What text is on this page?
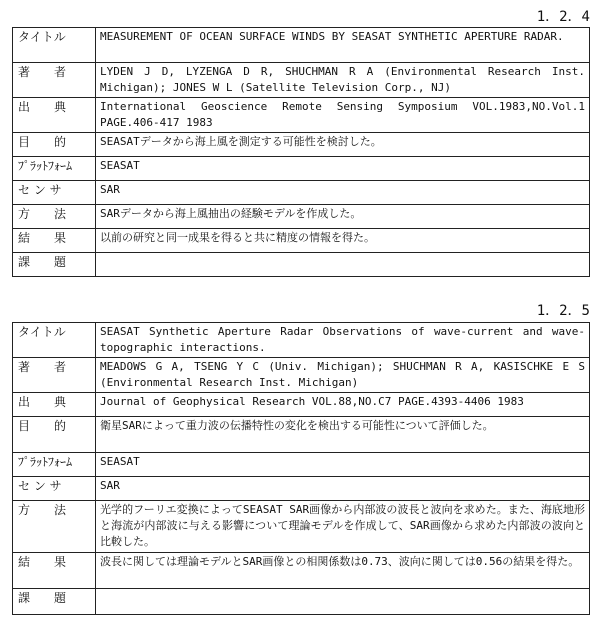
1．2．4
タイトル	MEASUREMENT OF OCEAN SURFACE WINDS BY SEASAT SYNTHETIC APERTURE RADAR.
著　　者	LYDEN J D, LYZENGA D R, SHUCHMAN R A (Environmental Research Inst. Michigan); JONES W L (Satellite Television Corp., NJ)
出　　典	International Geoscience Remote Sensing Symposium VOL.1983,NO.Vol.1 PAGE.406‐417 1983
目　　的	SEASATデータから海上風を測定する可能性を検討した。
ﾌﾟﾗｯﾄﾌｫｰﾑ	SEASAT
セ ン サ	SAR
方　　法	SARデータから海上風抽出の経験モデルを作成した。
結　　果	以前の研究と同一成果を得ると共に精度の情報を得た。
課　　題	
1．2．5
タイトル	SEASAT Synthetic Aperture Radar Observations of wave‐current and wave‐topographic interactions.
著　　者	MEADOWS G A, TSENG Y C (Univ. Michigan); SHUCHMAN R A, KASISCHKE E S (Environmental Research Inst. Michigan)
出　　典	Journal of Geophysical Research VOL.88,NO.C7 PAGE.4393‐4406 1983
目　　的	衛星SARによって重力波の伝播特性の変化を検出する可能性について評価した。
ﾌﾟﾗｯﾄﾌｫｰﾑ	SEASAT
セ ン サ	SAR
方　　法	光学的フーリエ変換によってSEASAT SAR画像から内部波の波長と波向を求めた。また、海底地形と海流が内部波に与える影響について理論モデルを作成して、SAR画像から求めた内部波の波向と比較した。
結　　果	波長に関しては理論モデルとSAR画像との相関係数は0.73、波向に関しては0.56の結果を得た。
課　　題	
